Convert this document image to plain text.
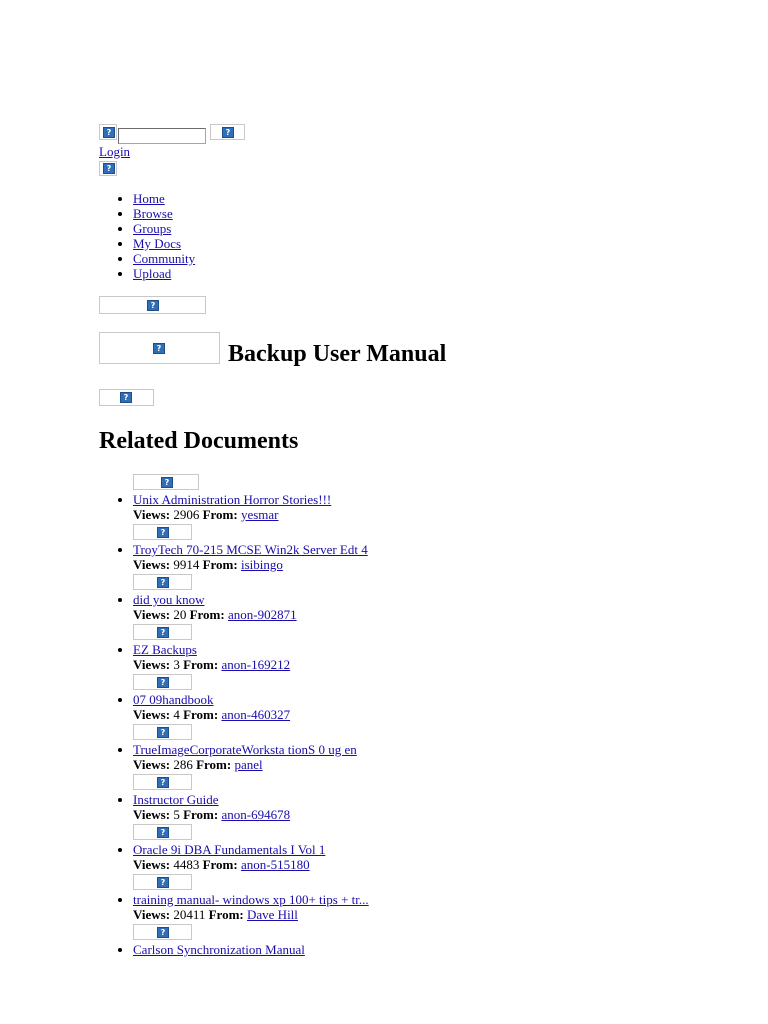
?	?
Login
?
• Home
• Browse
• Groups
• My Docs
• Community
• Upload
?
?	Backup User Manual
?
Related Documents
• ?
Unix Administration Horror Stories!!!
Views: 2906 From: yesmar
• ?
TroyTech 70-215 MCSE Win2k Server Edt 4
Views: 9914 From: isibingo
• ?
did you know
Views: 20 From: anon-902871
• ?
EZ Backups
Views: 3 From: anon-169212
• ?
07 09handbook
Views: 4 From: anon-460327
• ?
TrueImageCorporateWorksta tionS 0 ug en
Views: 286 From: panel
• ?
Instructor Guide
Views: 5 From: anon-694678
• ?
Oracle 9i DBA Fundamentals I Vol 1
Views: 4483 From: anon-515180
• ?
training manual- windows xp 100+ tips + tr...
Views: 20411 From: Dave Hill
• ?
Carlson Synchronization Manual
